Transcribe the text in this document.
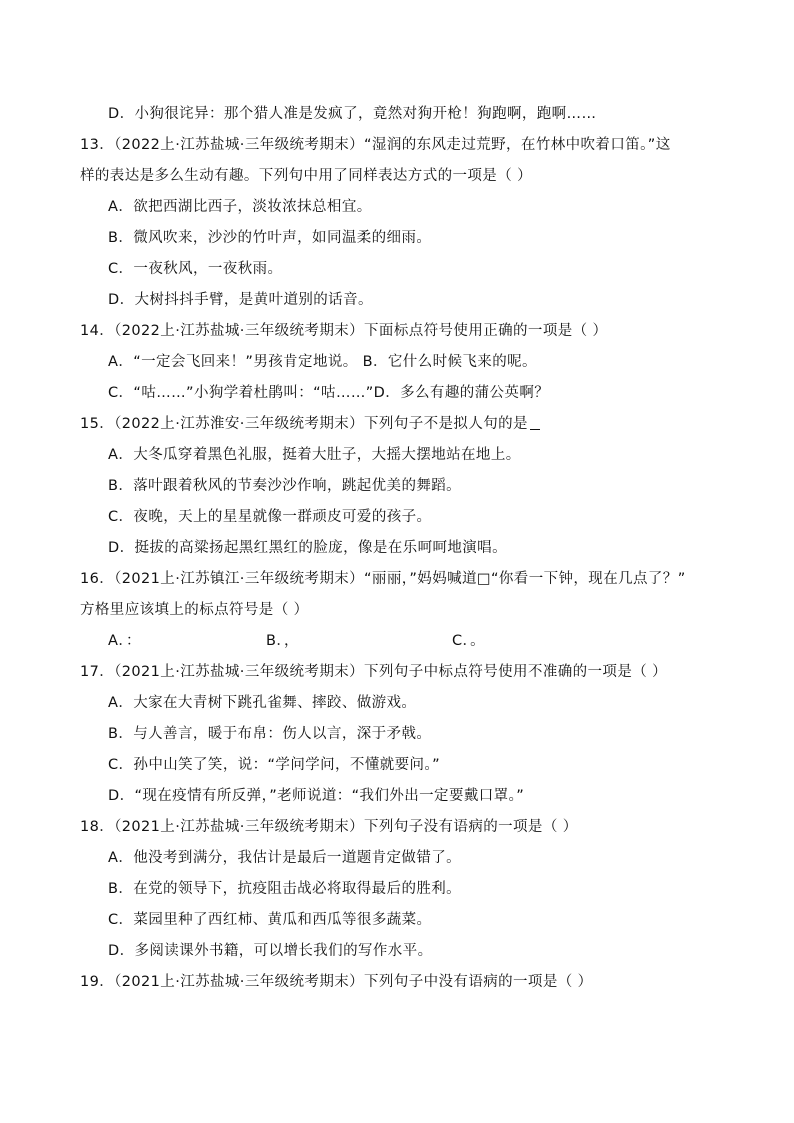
D．小狗很诧异：那个猎人准是发疯了，竟然对狗开枪！狗跑啊，跑啊……
13．（2022上·江苏盐城·三年级统考期末）“湿润的东风走过荒野，在竹林中吹着口笛。”这
样的表达是多么生动有趣。下列句中用了同样表达方式的一项是（ ）
A．欲把西湖比西子，淡妆浓抹总相宜。
B．微风吹来，沙沙的竹叶声，如同温柔的细雨。
C．一夜秋风，一夜秋雨。
D．大树抖抖手臂，是黄叶道别的话音。
14．（2022上·江苏盐城·三年级统考期末）下面标点符号使用正确的一项是（ ）
A．“一定会飞回来！”男孩肯定地说。 B．它什么时候飞来的呢。
C．“咕……”小狗学着杜鹃叫：“咕……”D．多么有趣的蒲公英啊？
15．（2022上·江苏淮安·三年级统考期末）下列句子不是拟人句的是
A．大冬瓜穿着黑色礼服，挺着大肚子，大摇大摆地站在地上。
B．落叶跟着秋风的节奏沙沙作响，跳起优美的舞蹈。
C．夜晚，天上的星星就像一群顽皮可爱的孩子。
D．挺拔的高粱扬起黑红黑红的脸庞，像是在乐呵呵地演唱。
16．（2021上·江苏镇江·三年级统考期末）“丽丽，”妈妈喊道□“你看一下钟，现在几点了？”
方格里应该填上的标点符号是（ ）
A．：	B．，	C．。
17．（2021上·江苏盐城·三年级统考期末）下列句子中标点符号使用不准确的一项是（ ）
A．大家在大青树下跳孔雀舞、摔跤、做游戏。
B．与人善言，暖于布帛：伤人以言，深于矛戟。
C．孙中山笑了笑，说：“学问学问，不懂就要问。”
D．“现在疫情有所反弹，”老师说道：“我们外出一定要戴口罩。”
18．（2021上·江苏盐城·三年级统考期末）下列句子没有语病的一项是（ ）
A．他没考到满分，我估计是最后一道题肯定做错了。
B．在党的领导下，抗疫阻击战必将取得最后的胜利。
C．菜园里种了西红柿、黄瓜和西瓜等很多蔬菜。
D．多阅读课外书籍，可以增长我们的写作水平。
19．（2021上·江苏盐城·三年级统考期末）下列句子中没有语病的一项是（ ）
